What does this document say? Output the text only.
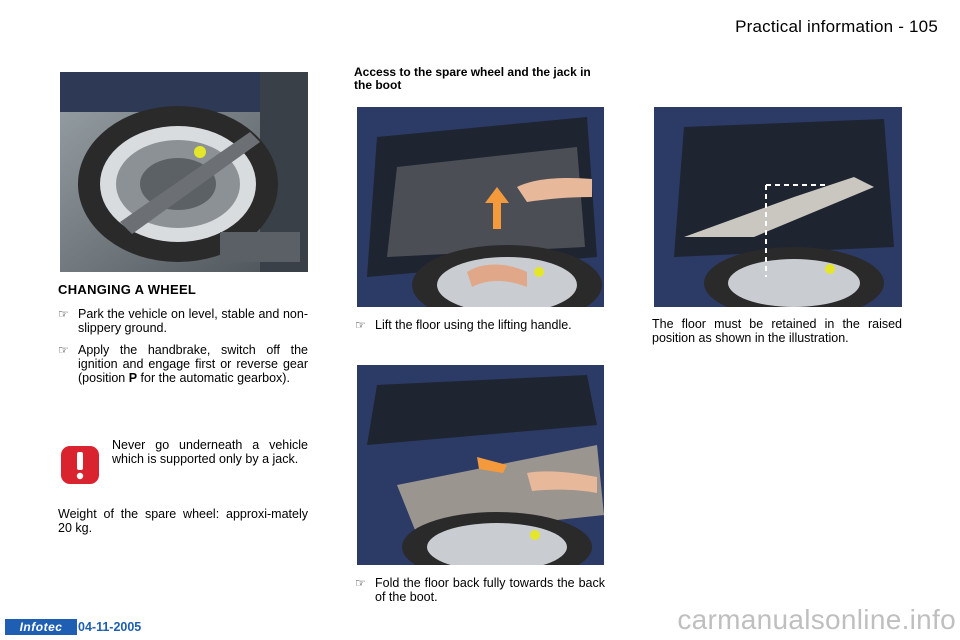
Practical information - 105
CHANGING A WHEEL
☞ Park the vehicle on level, stable and non-slippery ground.
☞ Apply the handbrake, switch off the ignition and engage first or reverse gear (position P for the automatic gearbox).
Never go underneath a vehicle which is supported only by a jack.
Weight of the spare wheel: approxi-mately 20 kg.
Access to the spare wheel and the jack in the boot
☞ Lift the floor using the lifting handle.
☞ Fold the floor back fully towards the back of the boot.
The floor must be retained in the raised position as shown in the illustration.
Infotec	04-11-2005	carmanualsonline.info
